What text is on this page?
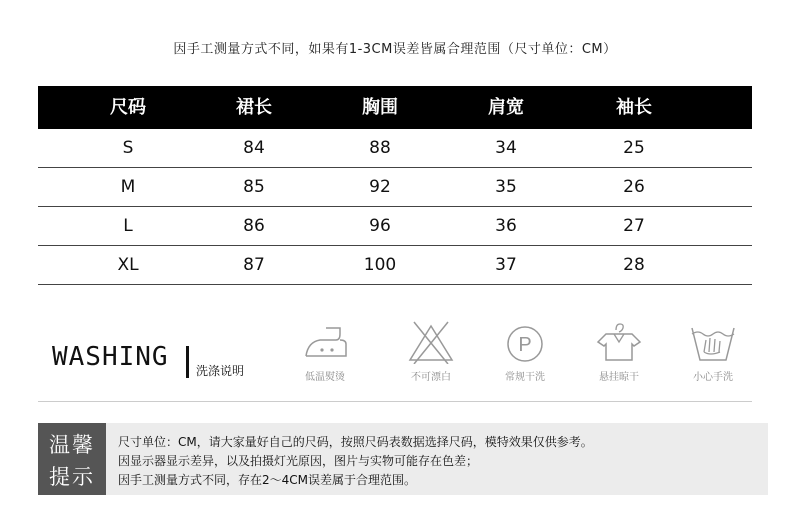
因手工测量方式不同，如果有1-3CM误差皆属合理范围（尺寸单位：CM）
尺码	裙长	胸围	肩宽	袖长
S	84	88	34	25
M	85	92	35	26
L	86	96	36	27
XL	87	100	37	28
WASHING 洗涤说明	低温熨烫	不可漂白
P
常规干洗	悬挂晾干	小心手洗
温馨
提示
尺寸单位：CM，请大家量好自己的尺码，按照尺码表数据选择尺码，模特效果仅供参考。
因显示器显示差异，以及拍摄灯光原因，图片与实物可能存在色差；
因手工测量方式不同，存在2～4CM误差属于合理范围。
